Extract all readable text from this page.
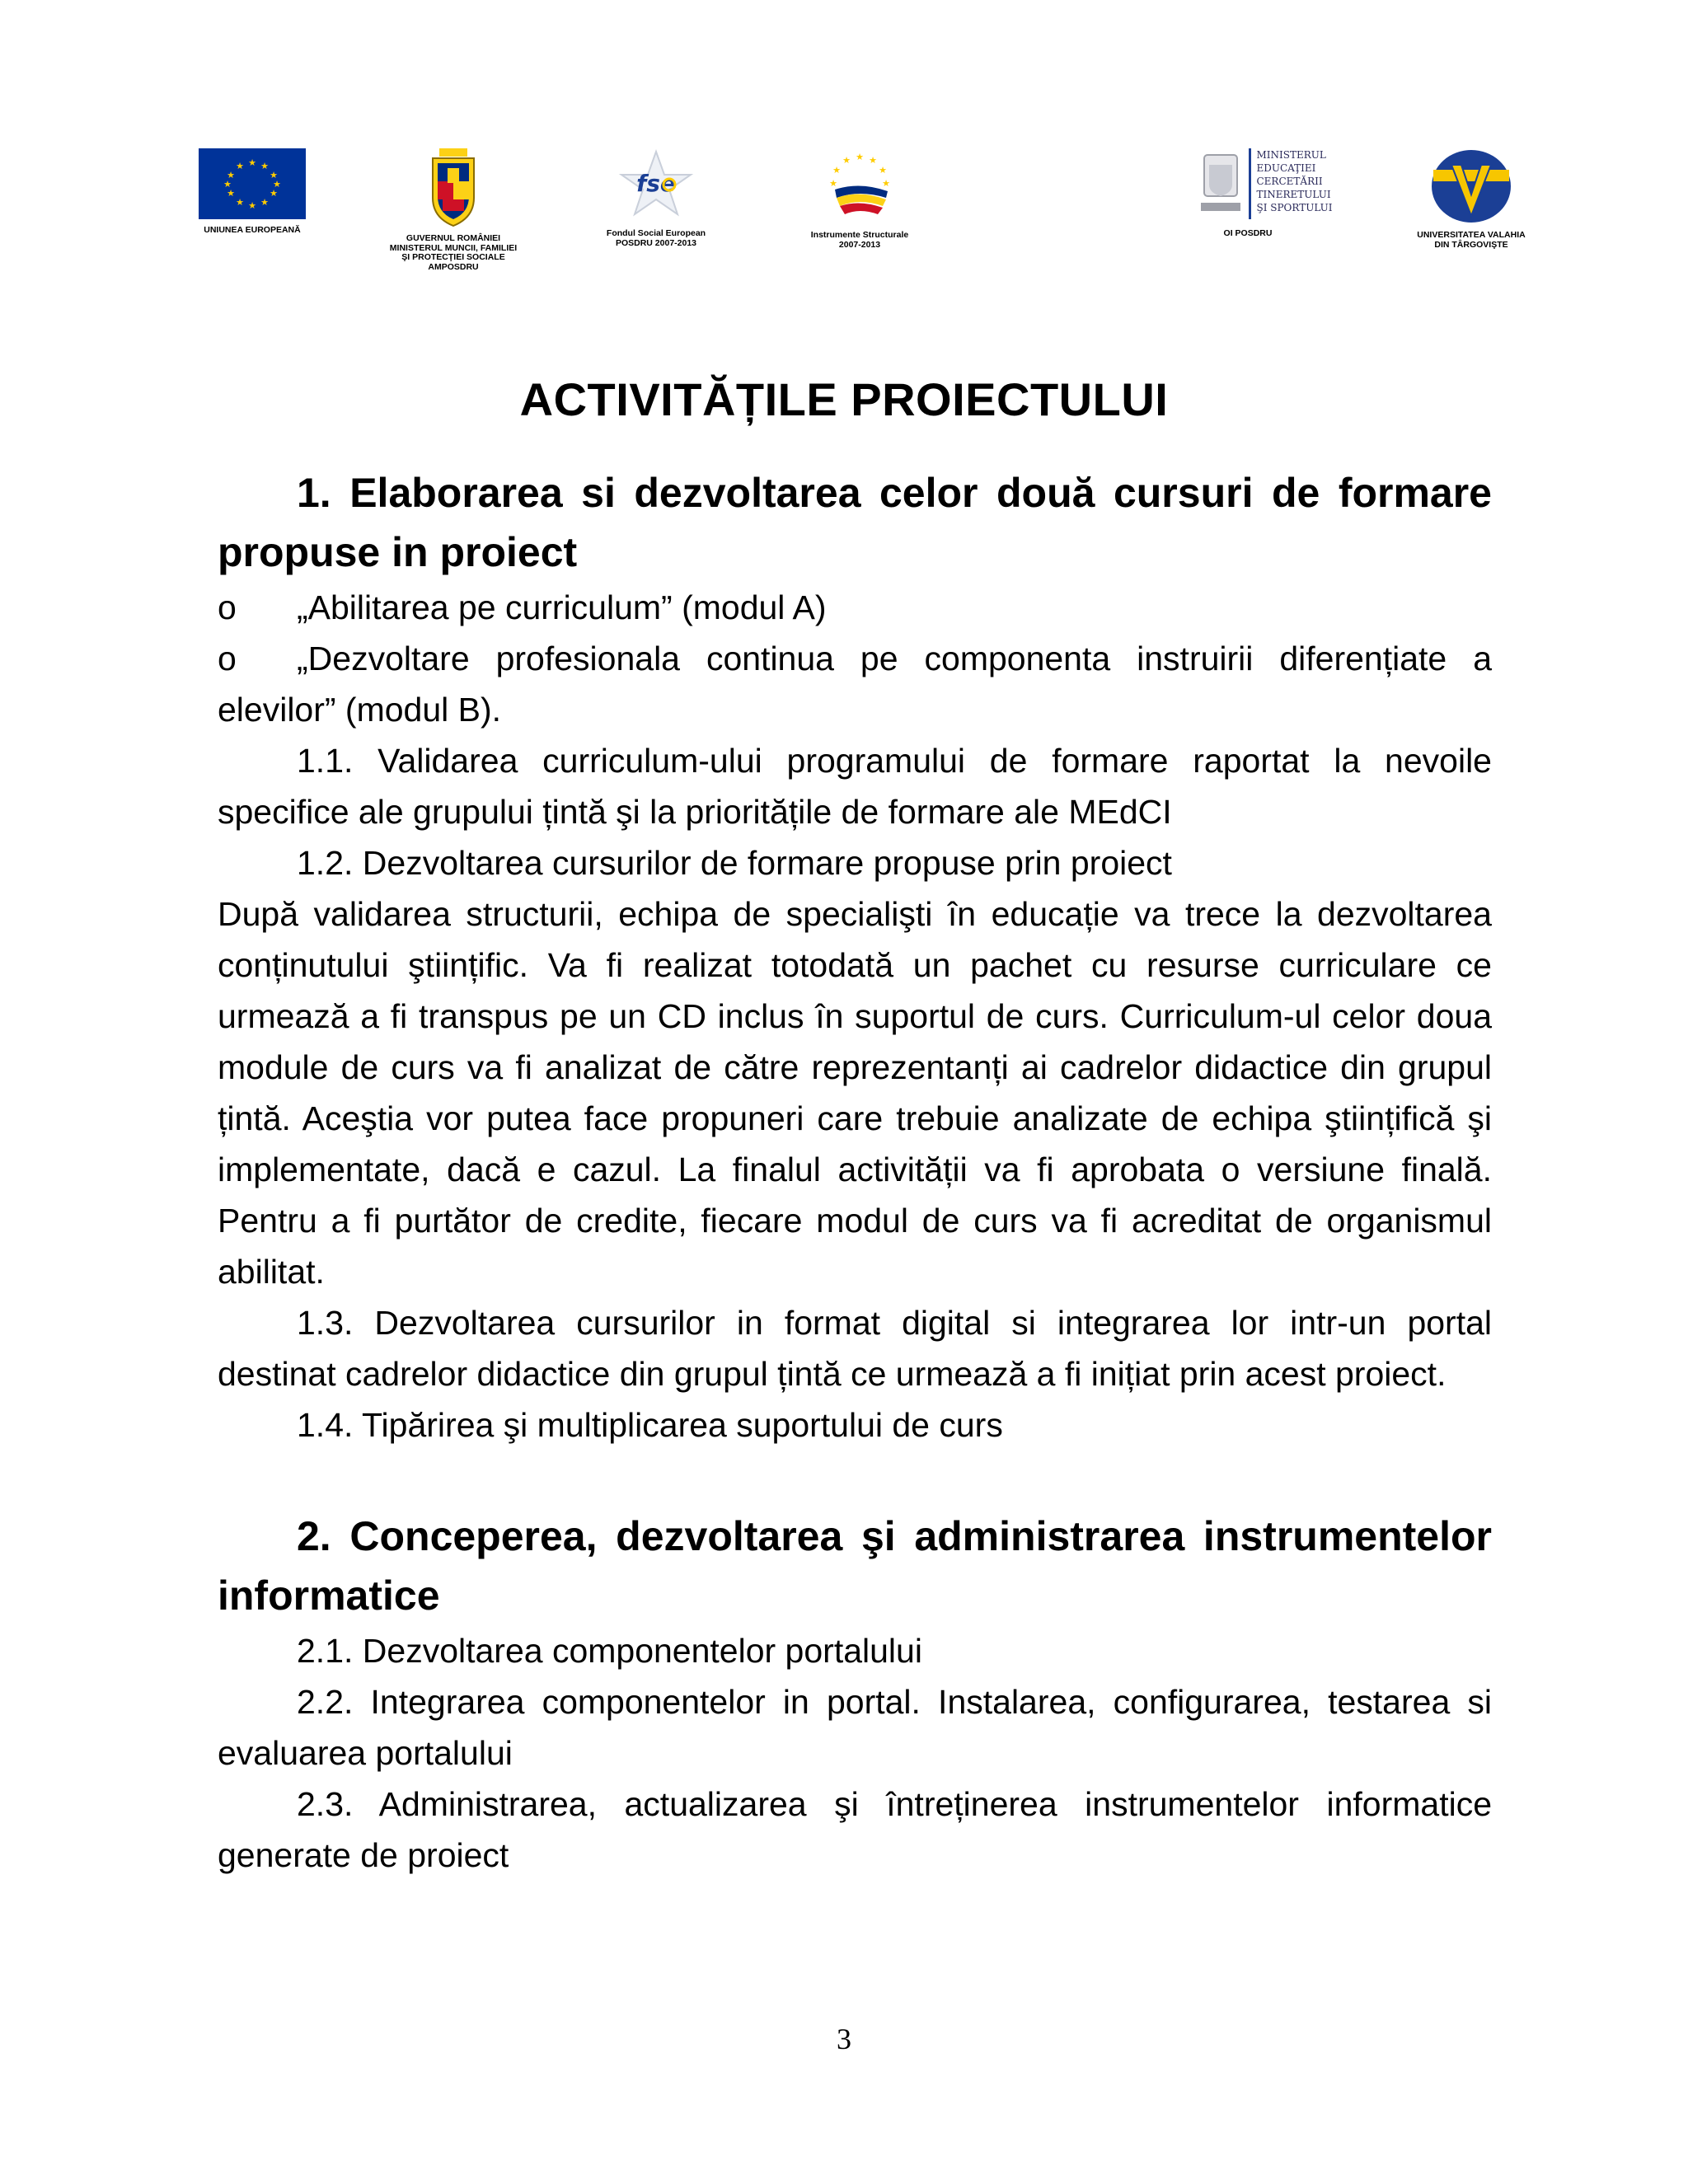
★ ★
★
★
★
★
★
★
★
★
★
★
UNIUNEA EUROPEANĂ
GUVERNUL ROMÂNIEI
MINISTERUL MUNCII, FAMILIEI
ŞI PROTECŢIEI SOCIALE
AMPOSDRU
fse
Fondul Social European
POSDRU 2007-2013
★ ★
★
★
★
★
★
Instrumente Structurale
2007-2013
MINISTERUL
EDUCAŢIEI
CERCETĂRII
TINERETULUI
ŞI SPORTULUI
OI POSDRU	UNIVERSITATEA VALAHIA
DIN TÂRGOVIŞTE
ACTIVITĂȚILE PROIECTULUI

1. Elaborarea si dezvoltarea celor două cursuri de formare propuse in proiect

o	„Abilitarea pe curriculum” (modul A)
o	„Dezvoltare profesionala continua pe componenta instruirii diferențiate a elevilor” (modul B).

1.1. Validarea curriculum-ului programului de formare raportat la nevoile specifice ale grupului țintă şi la prioritățile de formare ale MEdCI

1.2. Dezvoltarea cursurilor de formare propuse prin proiect

După validarea structurii, echipa de specialişti în educație va trece la dezvoltarea conținutului ştiințific. Va fi realizat totodată un pachet cu resurse curriculare ce urmează a fi transpus pe un CD inclus în suportul de curs. Curriculum-ul celor doua module de curs va fi analizat de către reprezentanți ai cadrelor didactice din grupul țintă. Aceştia vor putea face propuneri care trebuie analizate de echipa ştiințifică şi implementate, dacă e cazul. La finalul activității va fi aprobata o versiune finală. Pentru a fi purtător de credite, fiecare modul de curs va fi acreditat de organismul abilitat.

1.3. Dezvoltarea cursurilor in format digital si integrarea lor intr-un portal destinat cadrelor didactice din grupul țintă ce urmează a fi inițiat prin acest proiect.

1.4. Tipărirea şi multiplicarea suportului de curs

2. Conceperea, dezvoltarea şi administrarea instrumentelor informatice

2.1. Dezvoltarea componentelor portalului

2.2. Integrarea componentelor in portal. Instalarea, configurarea, testarea si evaluarea portalului

2.3. Administrarea, actualizarea şi întreținerea instrumentelor informatice generate de proiect

3
